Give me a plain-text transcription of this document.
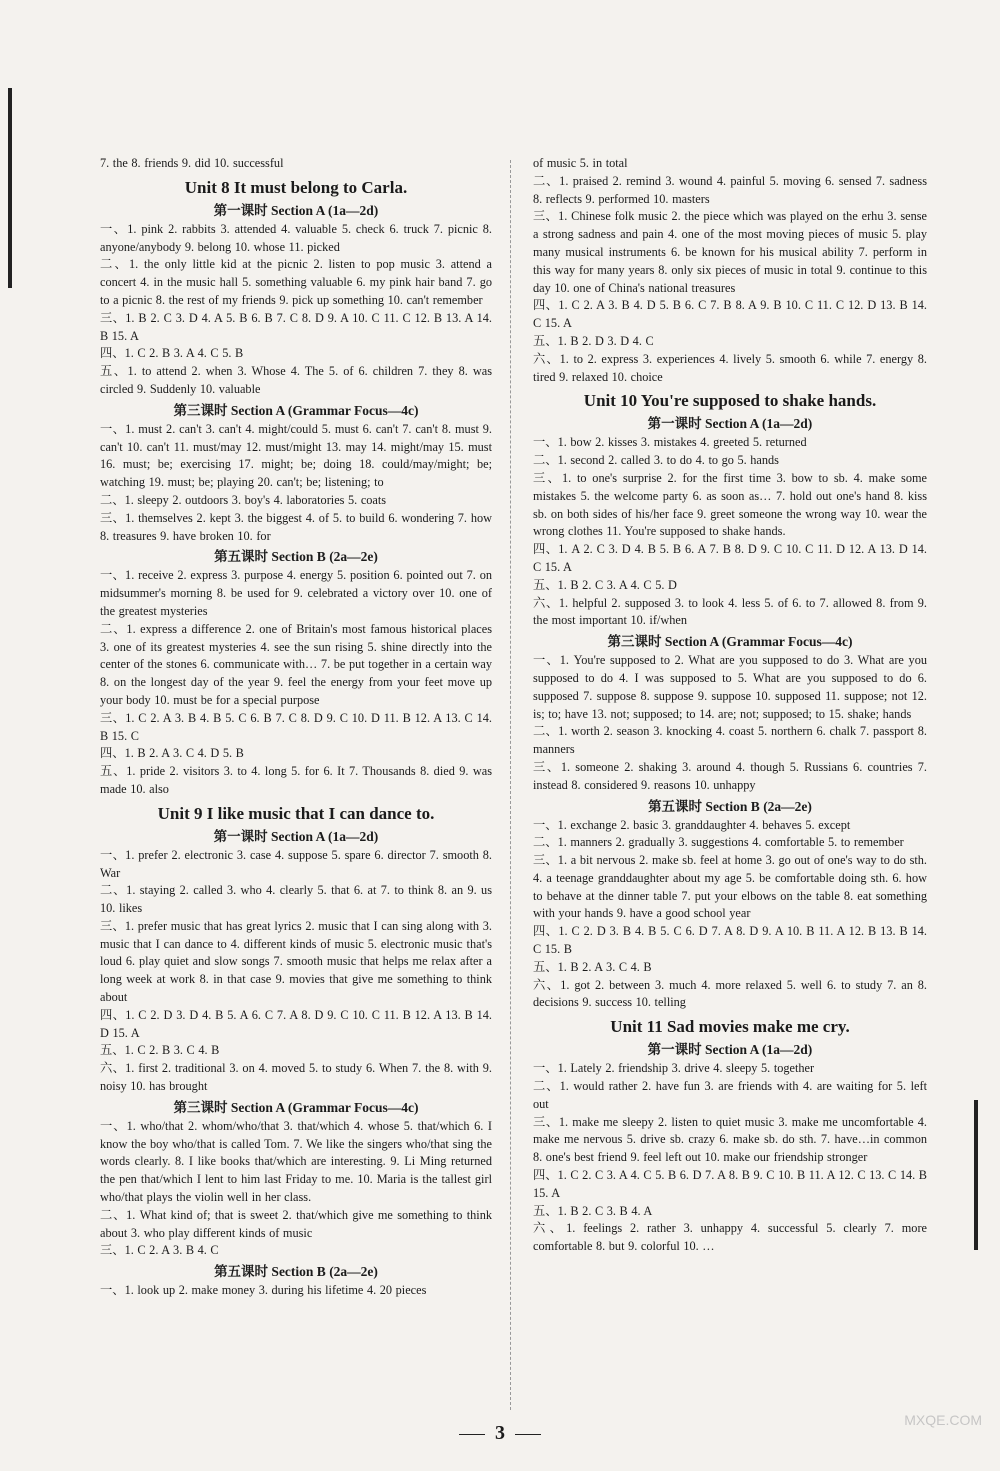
7. the 8. friends 9. did 10. successful
Unit 8 It must belong to Carla.
第一课时 Section A (1a—2d)
一、1. pink 2. rabbits 3. attended 4. valuable 5. check 6. truck 7. picnic 8. anyone/anybody 9. belong 10. whose 11. picked
二、1. the only little kid at the picnic 2. listen to pop music 3. attend a concert 4. in the music hall 5. something valuable 6. my pink hair band 7. go to a picnic 8. the rest of my friends 9. pick up something 10. can't remember
三、1. B 2. C 3. D 4. A 5. B 6. B 7. C 8. D 9. A 10. C 11. C 12. B 13. A 14. B 15. A
四、1. C 2. B 3. A 4. C 5. B
五、1. to attend 2. when 3. Whose 4. The 5. of 6. children 7. they 8. was circled 9. Suddenly 10. valuable
第三课时 Section A (Grammar Focus—4c)
一、1. must 2. can't 3. can't 4. might/could 5. must 6. can't 7. can't 8. must 9. can't 10. can't 11. must/may 12. must/might 13. may 14. might/may 15. must 16. must; be; exercising 17. might; be; doing 18. could/may/might; be; watching 19. must; be; playing 20. can't; be; listening; to
二、1. sleepy 2. outdoors 3. boy's 4. laboratories 5. coats
三、1. themselves 2. kept 3. the biggest 4. of 5. to build 6. wondering 7. how 8. treasures 9. have broken 10. for
第五课时 Section B (2a—2e)
一、1. receive 2. express 3. purpose 4. energy 5. position 6. pointed out 7. on midsummer's morning 8. be used for 9. celebrated a victory over 10. one of the greatest mysteries
二、1. express a difference 2. one of Britain's most famous historical places 3. one of its greatest mysteries 4. see the sun rising 5. shine directly into the center of the stones 6. communicate with… 7. be put together in a certain way 8. on the longest day of the year 9. feel the energy from your feet move up your body 10. must be for a special purpose
三、1. C 2. A 3. B 4. B 5. C 6. B 7. C 8. D 9. C 10. D 11. B 12. A 13. C 14. B 15. C
四、1. B 2. A 3. C 4. D 5. B
五、1. pride 2. visitors 3. to 4. long 5. for 6. It 7. Thousands 8. died 9. was made 10. also
Unit 9 I like music that I can dance to.
第一课时 Section A (1a—2d)
一、1. prefer 2. electronic 3. case 4. suppose 5. spare 6. director 7. smooth 8. War
二、1. staying 2. called 3. who 4. clearly 5. that 6. at 7. to think 8. an 9. us 10. likes
三、1. prefer music that has great lyrics 2. music that I can sing along with 3. music that I can dance to 4. different kinds of music 5. electronic music that's loud 6. play quiet and slow songs 7. smooth music that helps me relax after a long week at work 8. in that case 9. movies that give me something to think about
四、1. C 2. D 3. D 4. B 5. A 6. C 7. A 8. D 9. C 10. C 11. B 12. A 13. B 14. D 15. A
五、1. C 2. B 3. C 4. B
六、1. first 2. traditional 3. on 4. moved 5. to study 6. When 7. the 8. with 9. noisy 10. has brought
第三课时 Section A (Grammar Focus—4c)
一、1. who/that 2. whom/who/that 3. that/which 4. whose 5. that/which 6. I know the boy who/that is called Tom. 7. We like the singers who/that sing the words clearly. 8. I like books that/which are interesting. 9. Li Ming returned the pen that/which I lent to him last Friday to me. 10. Maria is the tallest girl who/that plays the violin well in her class.
二、1. What kind of; that is sweet 2. that/which give me something to think about 3. who play different kinds of music
三、1. C 2. A 3. B 4. C
第五课时 Section B (2a—2e)
一、1. look up 2. make money 3. during his lifetime 4. 20 pieces
of music 5. in total
二、1. praised 2. remind 3. wound 4. painful 5. moving 6. sensed 7. sadness 8. reflects 9. performed 10. masters
三、1. Chinese folk music 2. the piece which was played on the erhu 3. sense a strong sadness and pain 4. one of the most moving pieces of music 5. play many musical instruments 6. be known for his musical ability 7. perform in this way for many years 8. only six pieces of music in total 9. continue to this day 10. one of China's national treasures
四、1. C 2. A 3. B 4. D 5. B 6. C 7. B 8. A 9. B 10. C 11. C 12. D 13. B 14. C 15. A
五、1. B 2. D 3. D 4. C
六、1. to 2. express 3. experiences 4. lively 5. smooth 6. while 7. energy 8. tired 9. relaxed 10. choice
Unit 10 You're supposed to shake hands.
第一课时 Section A (1a—2d)
一、1. bow 2. kisses 3. mistakes 4. greeted 5. returned
二、1. second 2. called 3. to do 4. to go 5. hands
三、1. to one's surprise 2. for the first time 3. bow to sb. 4. make some mistakes 5. the welcome party 6. as soon as… 7. hold out one's hand 8. kiss sb. on both sides of his/her face 9. greet someone the wrong way 10. wear the wrong clothes 11. You're supposed to shake hands.
四、1. A 2. C 3. D 4. B 5. B 6. A 7. B 8. D 9. C 10. C 11. D 12. A 13. D 14. C 15. A
五、1. B 2. C 3. A 4. C 5. D
六、1. helpful 2. supposed 3. to look 4. less 5. of 6. to 7. allowed 8. from 9. the most important 10. if/when
第三课时 Section A (Grammar Focus—4c)
一、1. You're supposed to 2. What are you supposed to do 3. What are you supposed to do 4. I was supposed to 5. What are you supposed to do 6. supposed 7. suppose 8. suppose 9. suppose 10. supposed 11. suppose; not 12. is; to; have 13. not; supposed; to 14. are; not; supposed; to 15. shake; hands
二、1. worth 2. season 3. knocking 4. coast 5. northern 6. chalk 7. passport 8. manners
三、1. someone 2. shaking 3. around 4. though 5. Russians 6. countries 7. instead 8. considered 9. reasons 10. unhappy
第五课时 Section B (2a—2e)
一、1. exchange 2. basic 3. granddaughter 4. behaves 5. except
二、1. manners 2. gradually 3. suggestions 4. comfortable 5. to remember
三、1. a bit nervous 2. make sb. feel at home 3. go out of one's way to do sth. 4. a teenage granddaughter about my age 5. be comfortable doing sth. 6. how to behave at the dinner table 7. put your elbows on the table 8. eat something with your hands 9. have a good school year
四、1. C 2. D 3. B 4. B 5. C 6. D 7. A 8. D 9. A 10. B 11. A 12. B 13. B 14. C 15. B
五、1. B 2. A 3. C 4. B
六、1. got 2. between 3. much 4. more relaxed 5. well 6. to study 7. an 8. decisions 9. success 10. telling
Unit 11 Sad movies make me cry.
第一课时 Section A (1a—2d)
一、1. Lately 2. friendship 3. drive 4. sleepy 5. together
二、1. would rather 2. have fun 3. are friends with 4. are waiting for 5. left out
三、1. make me sleepy 2. listen to quiet music 3. make me uncomfortable 4. make me nervous 5. drive sb. crazy 6. make sb. do sth. 7. have…in common 8. one's best friend 9. feel left out 10. make our friendship stronger
四、1. C 2. C 3. A 4. C 5. B 6. D 7. A 8. B 9. C 10. B 11. A 12. C 13. C 14. B 15. A
五、1. B 2. C 3. B 4. A
六、1. feelings 2. rather 3. unhappy 4. successful 5. clearly 7. more comfortable 8. but 9. colorful 10. …
3
MXQE.COM
